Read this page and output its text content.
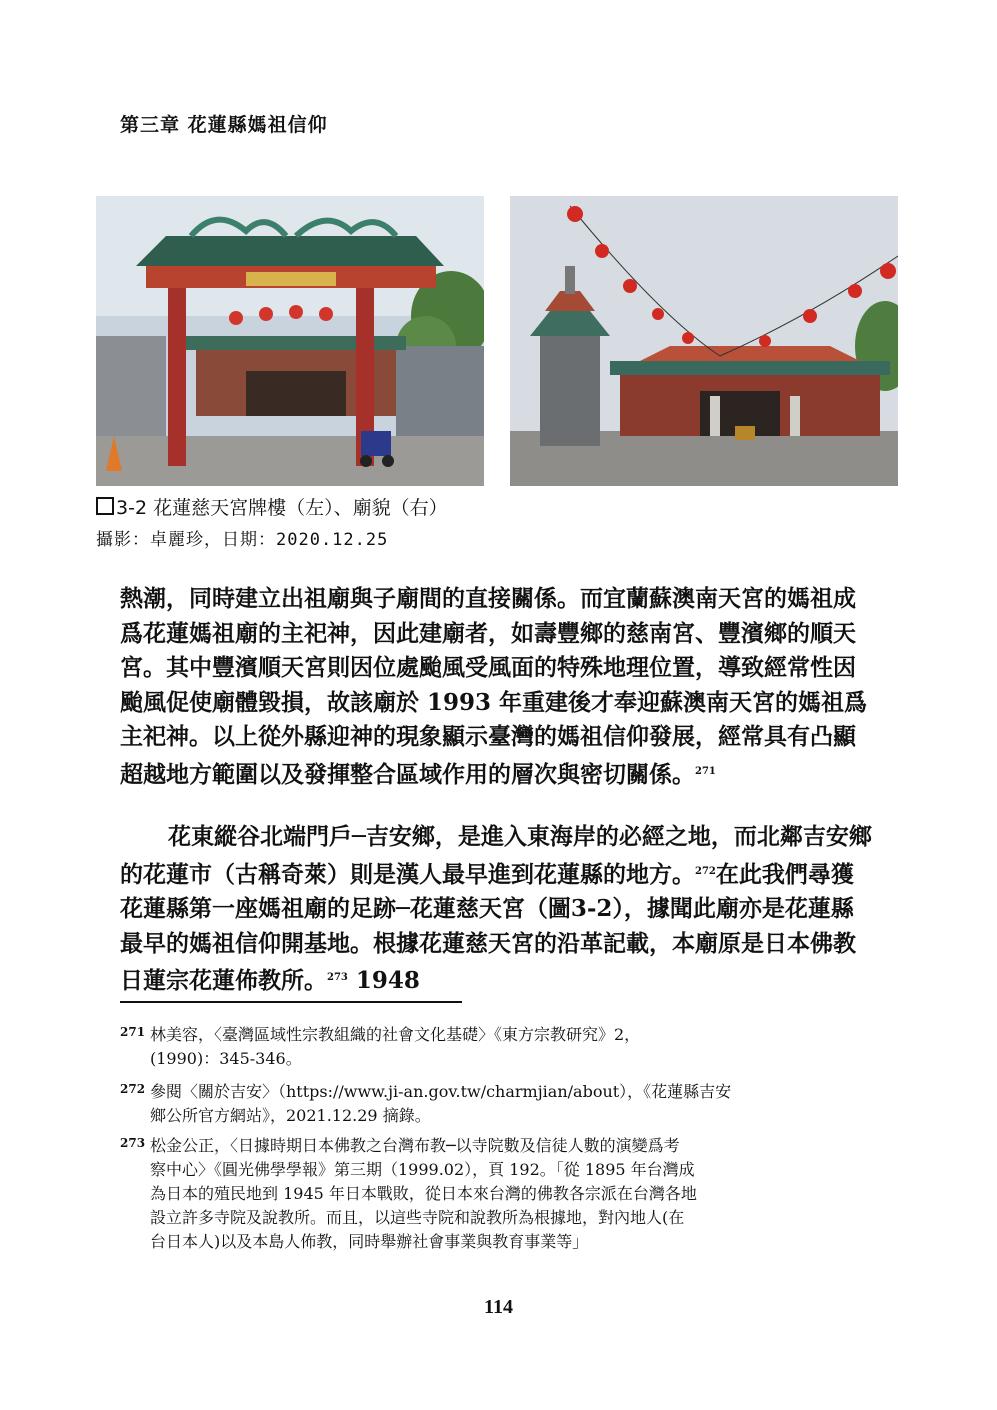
第三章 花蓮縣媽祖信仰
3-2 花蓮慈天宮牌樓（左）、廟貌（右）
攝影：卓麗珍，日期：2020.12.25
熱潮，同時建立出祖廟與子廟間的直接關係。而宜蘭蘇澳南天宮的媽祖成爲花蓮媽祖廟的主祀神，因此建廟者，如壽豐鄉的慈南宮、豐濱鄉的順天宮。其中豐濱順天宮則因位處颱風受風面的特殊地理位置，導致經常性因颱風促使廟體毀損，故該廟於 1993 年重建後才奉迎蘇澳南天宮的媽祖爲主祀神。以上從外縣迎神的現象顯示臺灣的媽祖信仰發展，經常具有凸顯超越地方範圍以及發揮整合區域作用的層次與密切關係。$^{271}$
花東縱谷北端門戶─吉安鄉，是進入東海岸的必經之地，而北鄰吉安鄉的花蓮市（古稱奇萊）則是漢人最早進到花蓮縣的地方。$^{272}$在此我們尋獲花蓮縣第一座媽祖廟的足跡─花蓮慈天宮（圖3-2），據聞此廟亦是花蓮縣最早的媽祖信仰開基地。根據花蓮慈天宮的沿革記載，本廟原是日本佛教日蓮宗花蓮佈教所。$^{273}$ 1948
271 林美容，〈臺灣區域性宗教組織的社會文化基礎〉《東方宗教研究》2，
(1990)：345-346。
272 參閱〈關於吉安〉（https://www.ji-an.gov.tw/charmjian/about），《花蓮縣吉安
鄉公所官方網站》，2021.12.29 摘錄。
273 松金公正，〈日據時期日本佛教之台灣布教─以寺院數及信徒人數的演變爲考
察中心〉《圓光佛學學報》第三期（1999.02），頁 192。「從 1895 年台灣成
為日本的殖民地到 1945 年日本戰敗，從日本來台灣的佛教各宗派在台灣各地
設立許多寺院及說教所。而且，以這些寺院和說教所為根據地，對內地人(在
台日本人)以及本島人佈教，同時舉辦社會事業與教育事業等」
114
